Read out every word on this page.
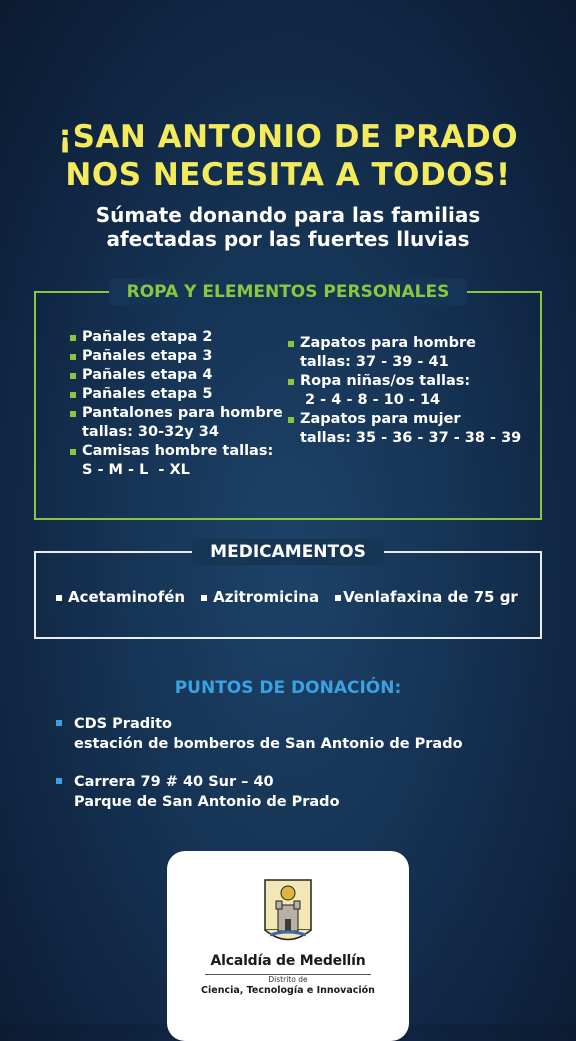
¡SAN ANTONIO DE PRADO
NOS NECESITA A TODOS!
Súmate donando para las familias
afectadas por las fuertes lluvias
ROPA Y ELEMENTOS PERSONALES
Pañales etapa 2
Pañales etapa 3
Pañales etapa 4
Pañales etapa 5
Pantalones para hombre
tallas: 30-32y 34
Camisas hombre tallas:
S - M - L  - XL
Zapatos para hombre
tallas: 37 - 39 - 41
Ropa niñas/os tallas:
2 - 4 - 8 - 10 - 14
Zapatos para mujer
tallas: 35 - 36 - 37 - 38 - 39
MEDICAMENTOS
Acetaminofén	Azitromicina	Venlafaxina de 75 gr
PUNTOS DE DONACIÓN:
CDS Pradito
estación de bomberos de San Antonio de Prado
Carrera 79 # 40 Sur – 40
Parque de San Antonio de Prado
Alcaldía de Medellín
Distrito de
Ciencia, Tecnología e Innovación
